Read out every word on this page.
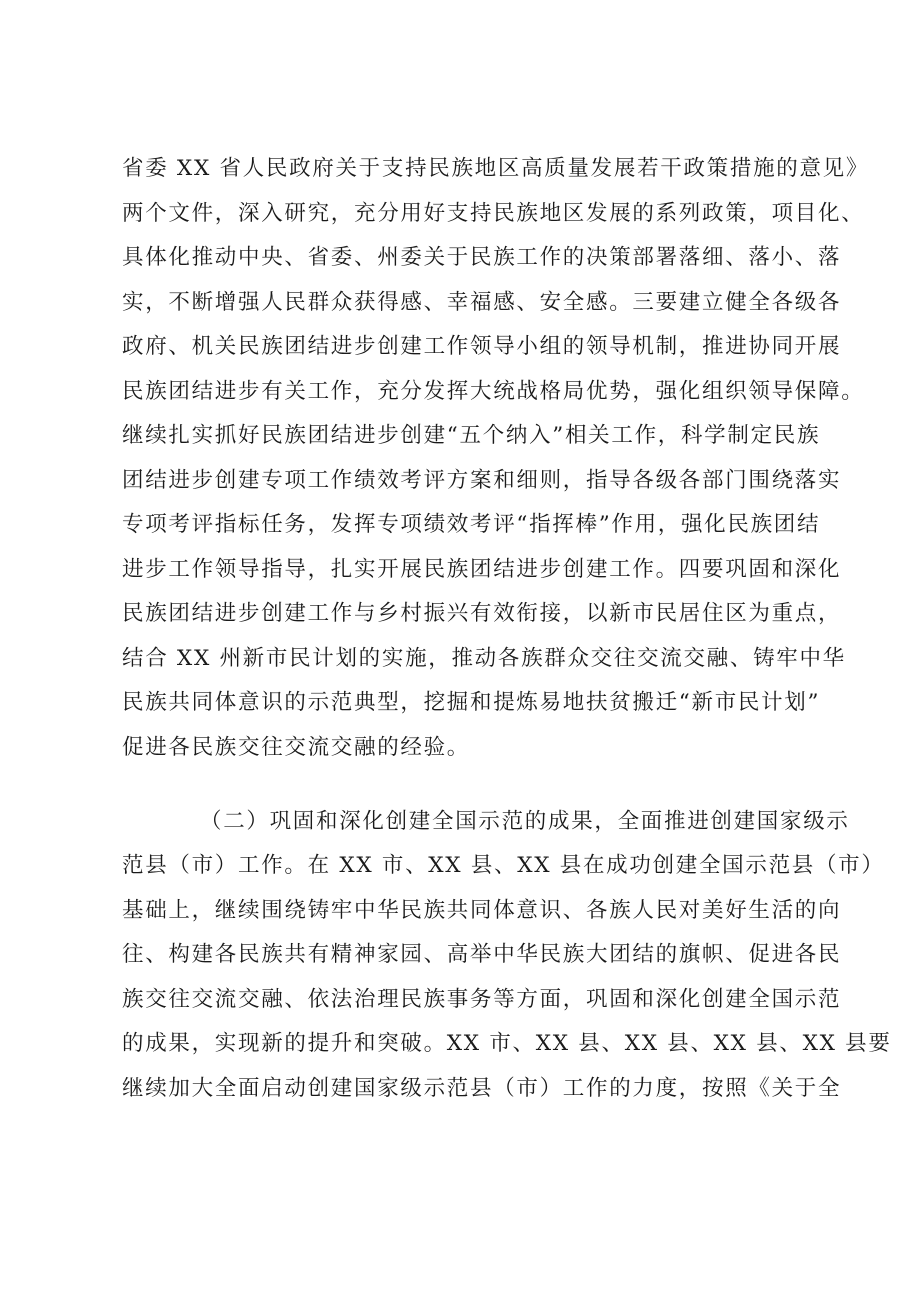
省委 XX 省人民政府关于支持民族地区高质量发展若干政策措施的意见》
两个文件，深入研究，充分用好支持民族地区发展的系列政策，项目化、
具体化推动中央、省委、州委关于民族工作的决策部署落细、落小、落
实，不断增强人民群众获得感、幸福感、安全感。三要建立健全各级各
政府、机关民族团结进步创建工作领导小组的领导机制，推进协同开展
民族团结进步有关工作，充分发挥大统战格局优势，强化组织领导保障。
继续扎实抓好民族团结进步创建“五个纳入”相关工作，科学制定民族
团结进步创建专项工作绩效考评方案和细则，指导各级各部门围绕落实
专项考评指标任务，发挥专项绩效考评“指挥棒”作用，强化民族团结
进步工作领导指导，扎实开展民族团结进步创建工作。四要巩固和深化
民族团结进步创建工作与乡村振兴有效衔接，以新市民居住区为重点，
结合 XX 州新市民计划的实施，推动各族群众交往交流交融、铸牢中华
民族共同体意识的示范典型，挖掘和提炼易地扶贫搬迁“新市民计划”
促进各民族交往交流交融的经验。
（二）巩固和深化创建全国示范的成果，全面推进创建国家级示
范县（市）工作。在 XX 市、XX 县、XX 县在成功创建全国示范县（市）
基础上，继续围绕铸牢中华民族共同体意识、各族人民对美好生活的向
往、构建各民族共有精神家园、高举中华民族大团结的旗帜、促进各民
族交往交流交融、依法治理民族事务等方面，巩固和深化创建全国示范
的成果，实现新的提升和突破。XX 市、XX 县、XX 县、XX 县、XX 县要
继续加大全面启动创建国家级示范县（市）工作的力度，按照《关于全
